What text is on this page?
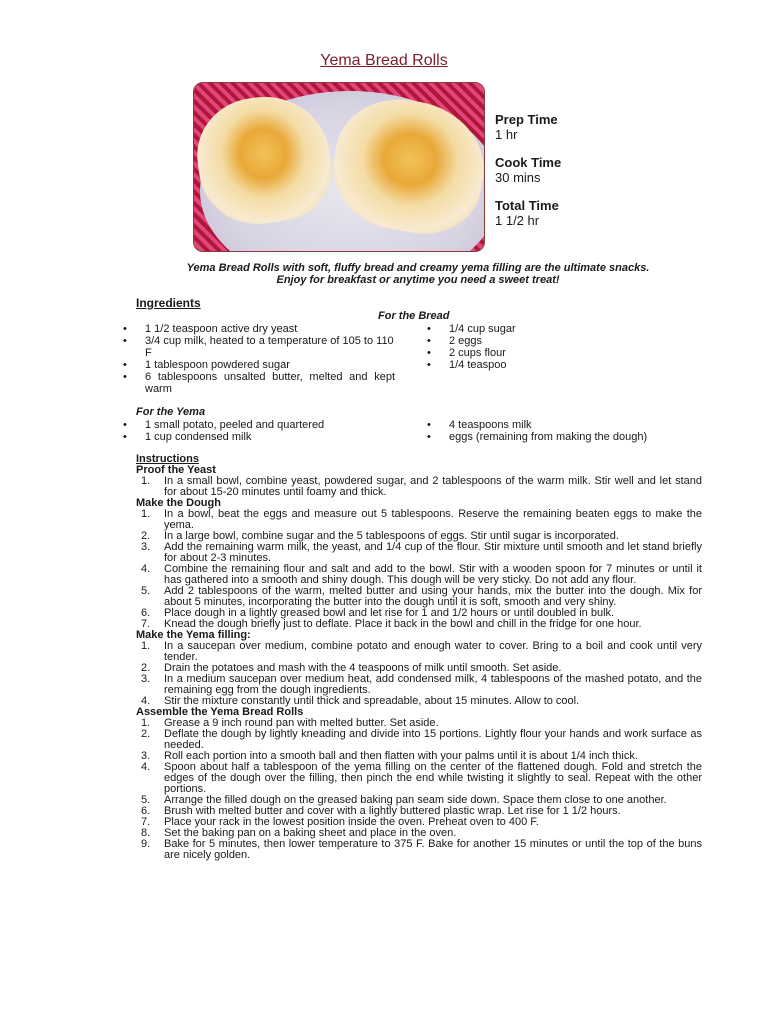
Yema Bread Rolls
Prep Time
1 hr
Cook Time
30 mins
Total Time
1 1/2 hr
Yema Bread Rolls with soft, fluffy bread and creamy yema filling are the ultimate snacks.
Enjoy for breakfast or anytime you need a sweet treat!
Ingredients
For the Bread
• 1 1/2 teaspoon active dry yeast
• 3/4 cup milk, heated to a temperature of 105 to 110 F
• 1 tablespoon powdered sugar
• 6 tablespoons unsalted butter, melted and kept warm
• 1/4 cup sugar
• 2 eggs
• 2 cups flour
• 1/4 teaspoo
For the Yema
• 1 small potato, peeled and quartered
• 1 cup condensed milk
• 4 teaspoons milk
• eggs (remaining from making the dough)
Instructions
Proof the Yeast
1. In a small bowl, combine yeast, powdered sugar, and 2 tablespoons of the warm milk. Stir well and let stand for about 15-20 minutes until foamy and thick.
Make the Dough
1. In a bowl, beat the eggs and measure out 5 tablespoons. Reserve the remaining beaten eggs to make the yema.
2. In a large bowl, combine sugar and the 5 tablespoons of eggs. Stir until sugar is incorporated.
3. Add the remaining warm milk, the yeast, and 1/4 cup of the flour. Stir mixture until smooth and let stand briefly for about 2-3 minutes.
4. Combine the remaining flour and salt and add to the bowl. Stir with a wooden spoon for 7 minutes or until it has gathered into a smooth and shiny dough. This dough will be very sticky. Do not add any flour.
5. Add 2 tablespoons of the warm, melted butter and using your hands, mix the butter into the dough. Mix for about 5 minutes, incorporating the butter into the dough until it is soft, smooth and very shiny.
6. Place dough in a lightly greased bowl and let rise for 1 and 1/2 hours or until doubled in bulk.
7. Knead the dough briefly just to deflate. Place it back in the bowl and chill in the fridge for one hour.
Make the Yema filling:
1. In a saucepan over medium, combine potato and enough water to cover. Bring to a boil and cook until very tender.
2. Drain the potatoes and mash with the 4 teaspoons of milk until smooth. Set aside.
3. In a medium saucepan over medium heat, add condensed milk, 4 tablespoons of the mashed potato, and the remaining egg from the dough ingredients.
4. Stir the mixture constantly until thick and spreadable, about 15 minutes. Allow to cool.
Assemble the Yema Bread Rolls
1. Grease a 9 inch round pan with melted butter. Set aside.
2. Deflate the dough by lightly kneading and divide into 15 portions. Lightly flour your hands and work surface as needed.
3. Roll each portion into a smooth ball and then flatten with your palms until it is about 1/4 inch thick.
4. Spoon about half a tablespoon of the yema filling on the center of the flattened dough. Fold and stretch the edges of the dough over the filling, then pinch the end while twisting it slightly to seal. Repeat with the other portions.
5. Arrange the filled dough on the greased baking pan seam side down. Space them close to one another.
6. Brush with melted butter and cover with a lightly buttered plastic wrap. Let rise for 1 1/2 hours.
7. Place your rack in the lowest position inside the oven. Preheat oven to 400 F.
8. Set the baking pan on a baking sheet and place in the oven.
9. Bake for 5 minutes, then lower temperature to 375 F. Bake for another 15 minutes or until the top of the buns are nicely golden.
